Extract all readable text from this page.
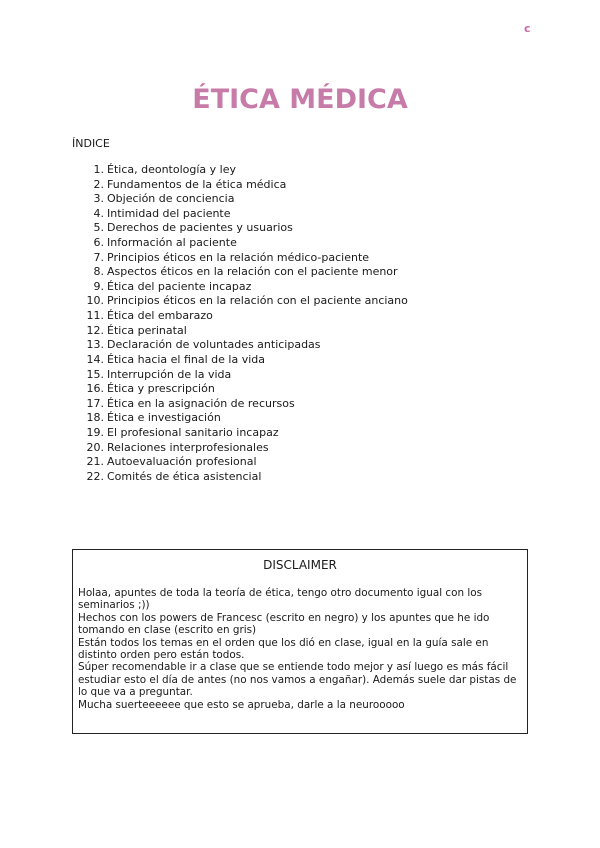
c
ÉTICA MÉDICA
ÍNDICE
1. Ética, deontología y ley
2. Fundamentos de la ética médica
3. Objeción de conciencia
4. Intimidad del paciente
5. Derechos de pacientes y usuarios
6. Información al paciente
7. Principios éticos en la relación médico-paciente
8. Aspectos éticos en la relación con el paciente menor
9. Ética del paciente incapaz
10. Principios éticos en la relación con el paciente anciano
11. Ética del embarazo
12. Ética perinatal
13. Declaración de voluntades anticipadas
14. Ética hacia el final de la vida
15. Interrupción de la vida
16. Ética y prescripción
17. Ética en la asignación de recursos
18. Ética e investigación
19. El profesional sanitario incapaz
20. Relaciones interprofesionales
21. Autoevaluación profesional
22. Comités de ética asistencial
DISCLAIMER

Holaa, apuntes de toda la teoría de ética, tengo otro documento igual con los seminarios ;))

Hechos con los powers de Francesc (escrito en negro) y los apuntes que he ido tomando en clase (escrito en gris)

Están todos los temas en el orden que los dió en clase, igual en la guía sale en distinto orden pero están todos.

Súper recomendable ir a clase que se entiende todo mejor y así luego es más fácil estudiar esto el día de antes (no nos vamos a engañar). Además suele dar pistas de lo que va a preguntar.

Mucha suerteeeeee que esto se aprueba, darle a la neurooooo
